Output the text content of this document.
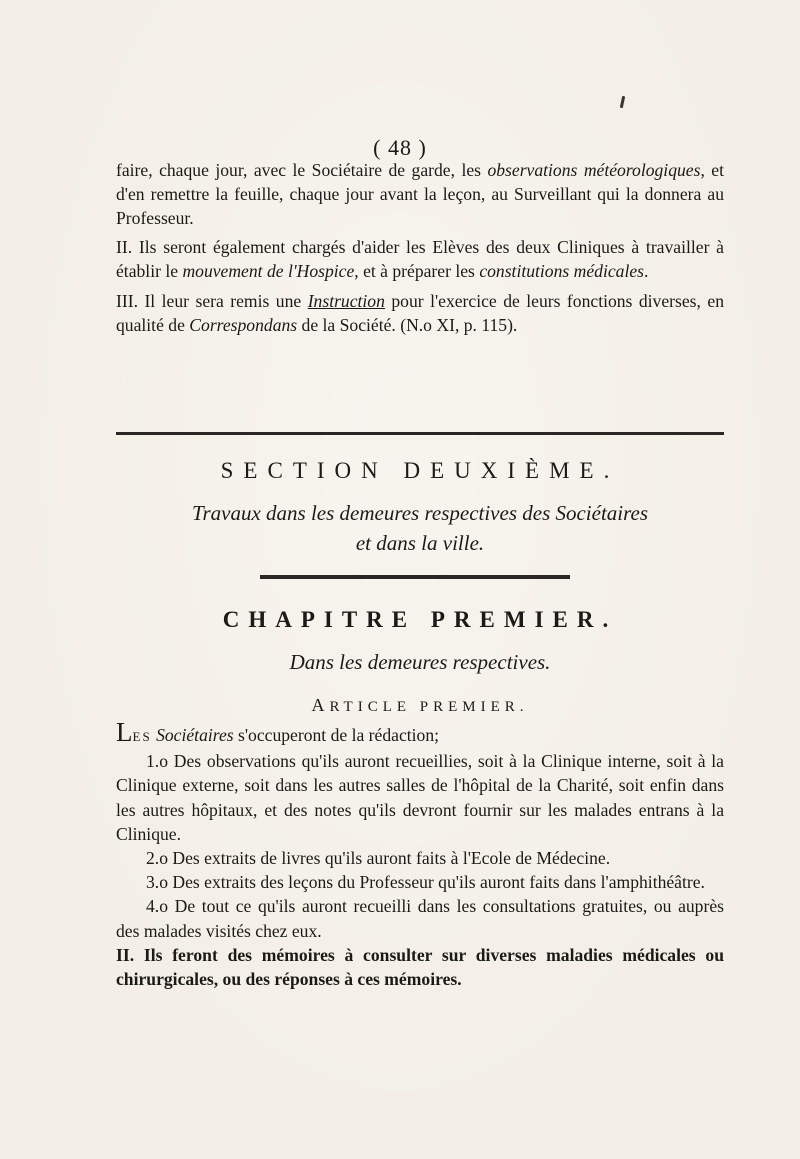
( 48 )

faire, chaque jour, avec le Sociétaire de garde, les observations météorologiques, et d'en remettre la feuille, chaque jour avant la leçon, au Surveillant qui la donnera au Professeur.

II. Ils seront également chargés d'aider les Elèves des deux Cliniques à travailler à établir le mouvement de l'Hospice, et à préparer les constitutions médicales.

III. Il leur sera remis une Instruction pour l'exercice de leurs fonctions diverses, en qualité de Correspondans de la Société. (N.o XI, p. 115).

SECTION DEUXIÈME.
Travaux dans les demeures respectives des Sociétaires
et dans la ville.
CHAPITRE PREMIER.
Dans les demeures respectives.
ARTICLE PREMIER.

LES Sociétaires s'occuperont de la rédaction;

1.o Des observations qu'ils auront recueillies, soit à la Clinique interne, soit à la Clinique externe, soit dans les autres salles de l'hôpital de la Charité, soit enfin dans les autres hôpitaux, et des notes qu'ils devront fournir sur les malades entrans à la Clinique.

2.o Des extraits de livres qu'ils auront faits à l'Ecole de Médecine.

3.o Des extraits des leçons du Professeur qu'ils auront faits dans l'amphithéâtre.

4.o De tout ce qu'ils auront recueilli dans les consultations gratuites, ou auprès des malades visités chez eux.

II. Ils feront des mémoires à consulter sur diverses maladies médicales ou chirurgicales, ou des réponses à ces mémoires.
